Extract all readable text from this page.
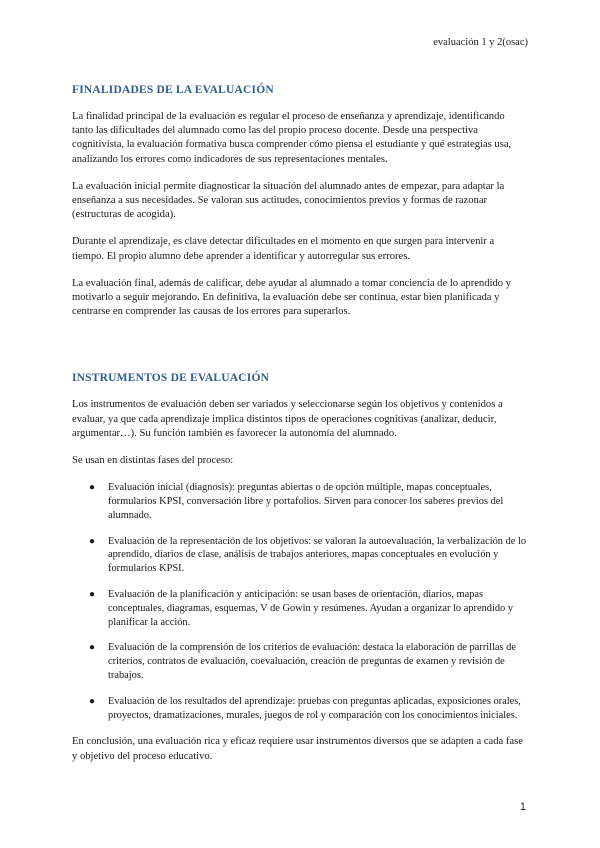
evaluación 1 y 2(osac)
FINALIDADES DE LA EVALUACIÓN

La finalidad principal de la evaluación es regular el proceso de enseñanza y aprendizaje, identificando tanto las dificultades del alumnado como las del propio proceso docente. Desde una perspectiva cognitivista, la evaluación formativa busca comprender cómo piensa el estudiante y qué estrategias usa, analizando los errores como indicadores de sus representaciones mentales.

La evaluación inicial permite diagnosticar la situación del alumnado antes de empezar, para adaptar la enseñanza a sus necesidades. Se valoran sus actitudes, conocimientos previos y formas de razonar (estructuras de acogida).

Durante el aprendizaje, es clave detectar dificultades en el momento en que surgen para intervenir a tiempo. El propio alumno debe aprender a identificar y autorregular sus errores.

La evaluación final, además de calificar, debe ayudar al alumnado a tomar conciencia de lo aprendido y motivarlo a seguir mejorando. En definitiva, la evaluación debe ser continua, estar bien planificada y centrarse en comprender las causas de los errores para superarlos.

INSTRUMENTOS DE EVALUACIÓN

Los instrumentos de evaluación deben ser variados y seleccionarse según los objetivos y contenidos a evaluar, ya que cada aprendizaje implica distintos tipos de operaciones cognitivas (analizar, deducir, argumentar…). Su función también es favorecer la autonomía del alumnado.

Se usan en distintas fases del proceso:

● Evaluación inicial (diagnosis): preguntas abiertas o de opción múltiple, mapas conceptuales, formularios KPSI, conversación libre y portafolios. Sirven para conocer los saberes previos del alumnado.
● Evaluación de la representación de los objetivos: se valoran la autoevaluación, la verbalización de lo aprendido, diarios de clase, análisis de trabajos anteriores, mapas conceptuales en evolución y formularios KPSI.
● Evaluación de la planificación y anticipación: se usan bases de orientación, diarios, mapas conceptuales, diagramas, esquemas, V de Gowin y resúmenes. Ayudan a organizar lo aprendido y planificar la acción.
● Evaluación de la comprensión de los criterios de evaluación: destaca la elaboración de parrillas de criterios, contratos de evaluación, coevaluación, creación de preguntas de examen y revisión de trabajos.
● Evaluación de los resultados del aprendizaje: pruebas con preguntas aplicadas, exposiciones orales, proyectos, dramatizaciones, murales, juegos de rol y comparación con los conocimientos iniciales.

En conclusión, una evaluación rica y eficaz requiere usar instrumentos diversos que se adapten a cada fase y objetivo del proceso educativo.

1
